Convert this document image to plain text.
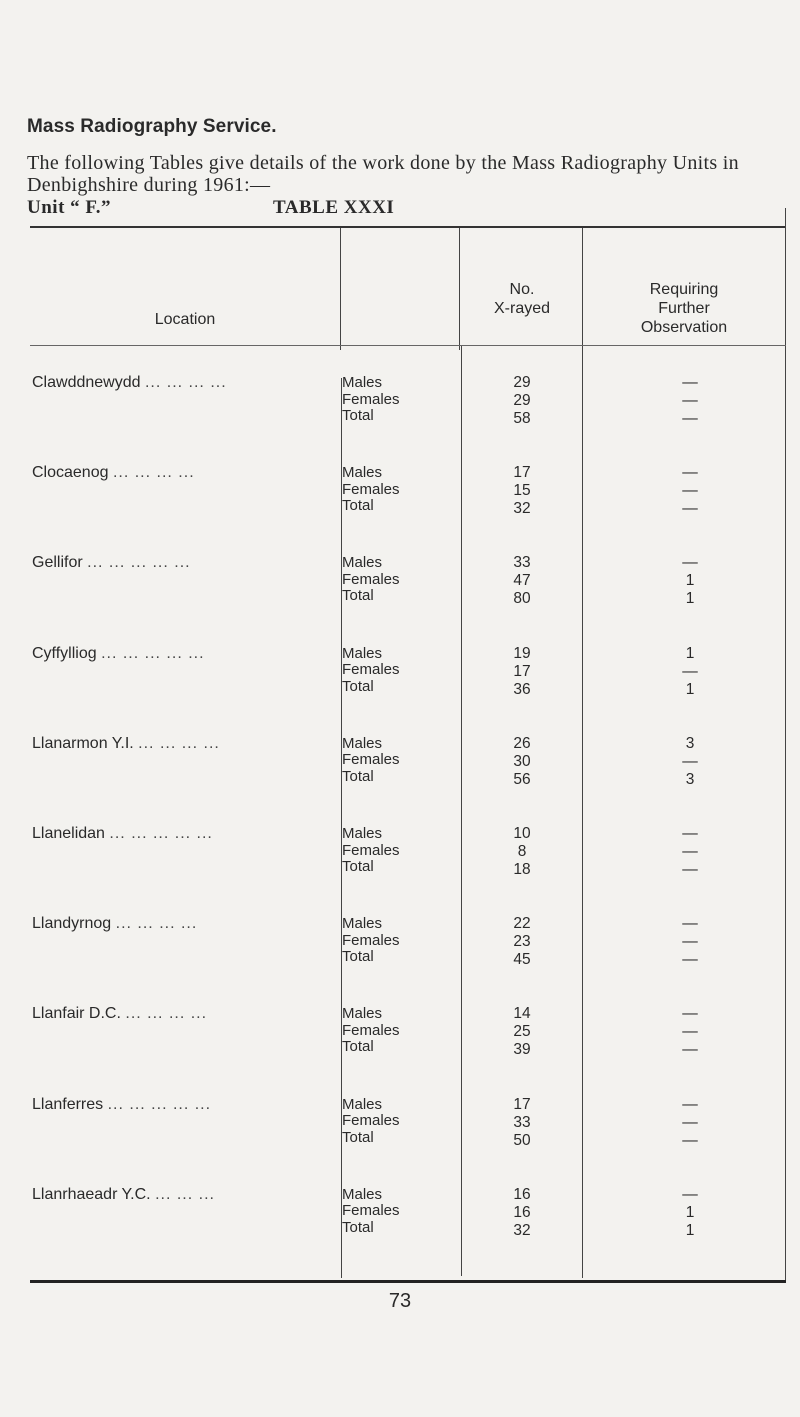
Mass Radiography Service.
The following Tables give details of the work done by the Mass Radiography Units in Denbighshire during 1961:—
Unit “ F.”	TABLE XXXI
Location
No.
X-rayed
Requiring
Further
Observation
Clawddnewydd ... ... ... ...	Males	29	—
Females	29	—
Total	58	—
Clocaenog ... ... ... ...	Males	17	—
Females	15	—
Total	32	—
Gellifor ... ... ... ... ...	Males	33	—
Females	47	1
Total	80	1
Cyffylliog ... ... ... ... ...	Males	19	1
Females	17	—
Total	36	1
Llanarmon Y.I. ... ... ... ...	Males	26	3
Females	30	—
Total	56	3
Llanelidan ... ... ... ... ...	Males	10	—
Females	8	—
Total	18	—
Llandyrnog ... ... ... ...	Males	22	—
Females	23	—
Total	45	—
Llanfair D.C. ... ... ... ...	Males	14	—
Females	25	—
Total	39	—
Llanferres ... ... ... ... ...	Males	17	—
Females	33	—
Total	50	—
Llanrhaeadr Y.C. ... ... ...	Males	16	—
Females	16	1
Total	32	1
73
